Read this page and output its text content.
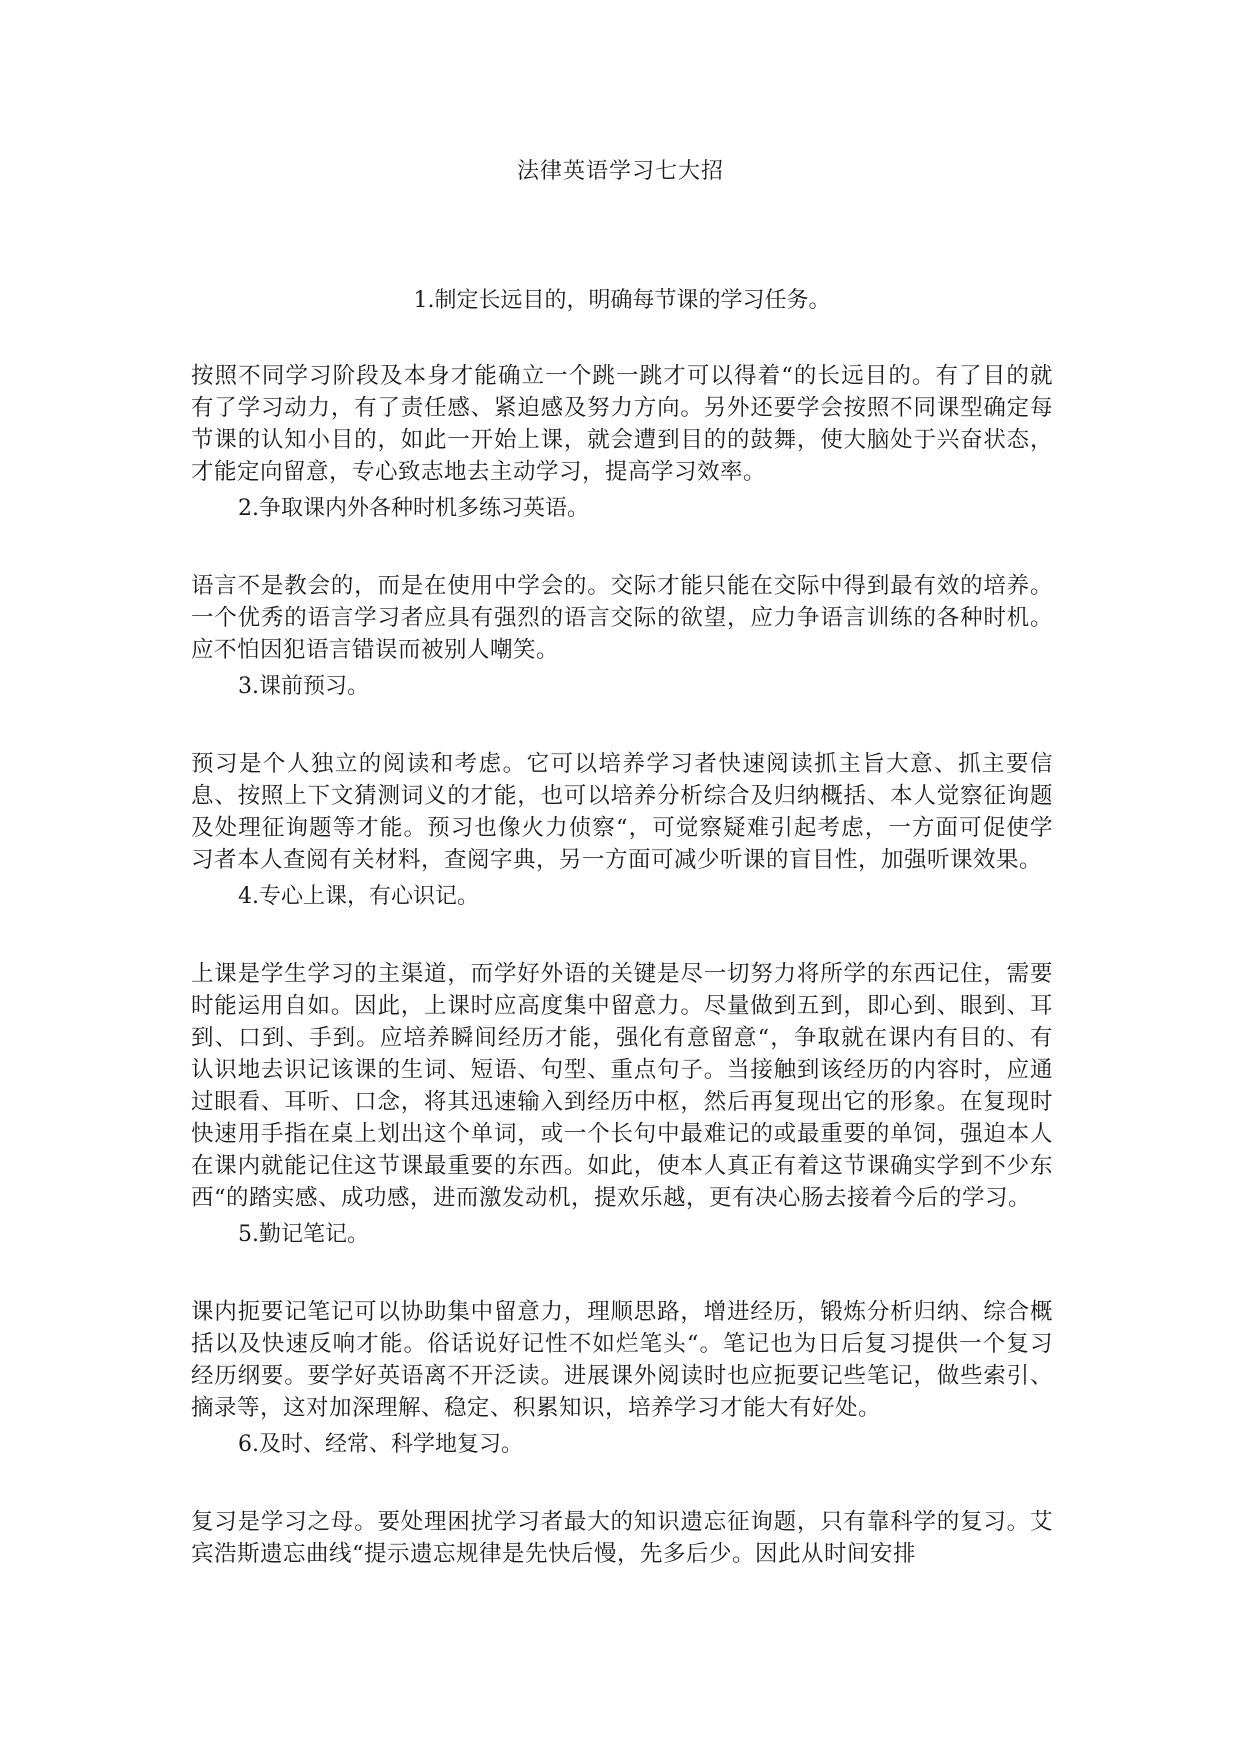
法律英语学习七大招

1.制定长远目的，明确每节课的学习任务。

按照不同学习阶段及本身才能确立一个跳一跳才可以得着“的长远目的。有了目的就有了学习动力，有了责任感、紧迫感及努力方向。另外还要学会按照不同课型确定每节课的认知小目的，如此一开始上课，就会遭到目的的鼓舞，使大脑处于兴奋状态，才能定向留意，专心致志地去主动学习，提高学习效率。

2.争取课内外各种时机多练习英语。

语言不是教会的，而是在使用中学会的。交际才能只能在交际中得到最有效的培养。一个优秀的语言学习者应具有强烈的语言交际的欲望，应力争语言训练的各种时机。应不怕因犯语言错误而被别人嘲笑。

3.课前预习。

预习是个人独立的阅读和考虑。它可以培养学习者快速阅读抓主旨大意、抓主要信息、按照上下文猜测词义的才能，也可以培养分析综合及归纳概括、本人觉察征询题及处理征询题等才能。预习也像火力侦察“，可觉察疑难引起考虑，一方面可促使学习者本人查阅有关材料，查阅字典，另一方面可减少听课的盲目性，加强听课效果。

4.专心上课，有心识记。

上课是学生学习的主渠道，而学好外语的关键是尽一切努力将所学的东西记住，需要时能运用自如。因此，上课时应高度集中留意力。尽量做到五到，即心到、眼到、耳到、口到、手到。应培养瞬间经历才能，强化有意留意“，争取就在课内有目的、有认识地去识记该课的生词、短语、句型、重点句子。当接触到该经历的内容时，应通过眼看、耳听、口念，将其迅速输入到经历中枢，然后再复现出它的形象。在复现时快速用手指在桌上划出这个单词，或一个长句中最难记的或最重要的单饲，强迫本人在课内就能记住这节课最重要的东西。如此，使本人真正有着这节课确实学到不少东西“的踏实感、成功感，进而激发动机，提欢乐越，更有决心肠去接着今后的学习。

5.勤记笔记。

课内扼要记笔记可以协助集中留意力，理顺思路，增进经历，锻炼分析归纳、综合概括以及快速反响才能。俗话说好记性不如烂笔头“。笔记也为日后复习提供一个复习经历纲要。要学好英语离不开泛读。进展课外阅读时也应扼要记些笔记，做些索引、摘录等，这对加深理解、稳定、积累知识，培养学习才能大有好处。

6.及时、经常、科学地复习。

复习是学习之母。要处理困扰学习者最大的知识遗忘征询题，只有靠科学的复习。艾宾浩斯遗忘曲线“提示遗忘规律是先快后慢，先多后少。因此从时间安排
